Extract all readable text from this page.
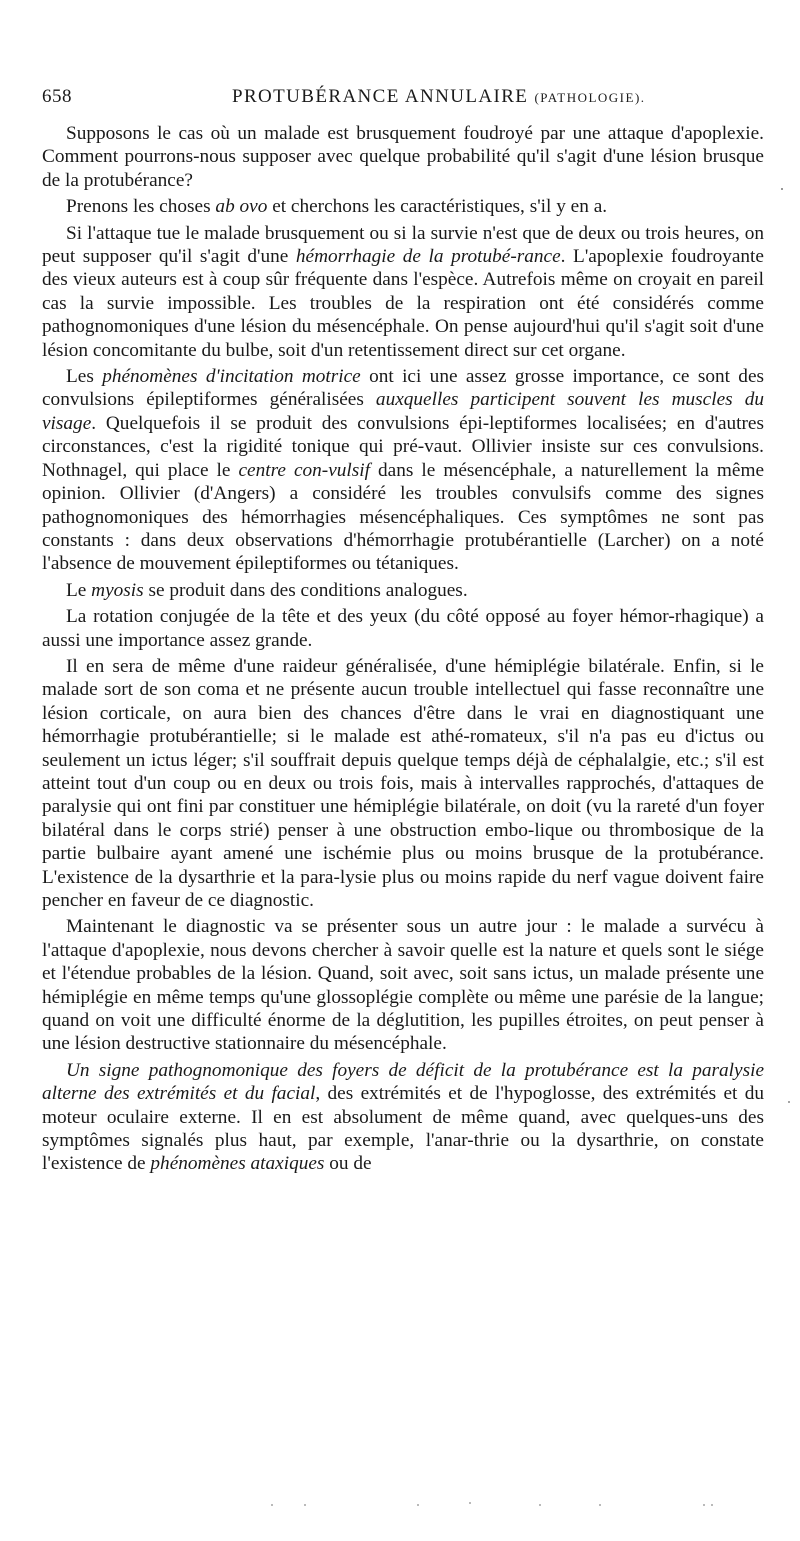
658	PROTUBÉRANCE ANNULAIRE (PATHOLOGIE).

Supposons le cas où un malade est brusquement foudroyé par une attaque d'apoplexie. Comment pourrons-nous supposer avec quelque probabilité qu'il s'agit d'une lésion brusque de la protubérance?

Prenons les choses ab ovo et cherchons les caractéristiques, s'il y en a.

Si l'attaque tue le malade brusquement ou si la survie n'est que de deux ou trois heures, on peut supposer qu'il s'agit d'une hémorrhagie de la protubé-rance. L'apoplexie foudroyante des vieux auteurs est à coup sûr fréquente dans l'espèce. Autrefois même on croyait en pareil cas la survie impossible. Les troubles de la respiration ont été considérés comme pathognomoniques d'une lésion du mésencéphale. On pense aujourd'hui qu'il s'agit soit d'une lésion concomitante du bulbe, soit d'un retentissement direct sur cet organe.

Les phénomènes d'incitation motrice ont ici une assez grosse importance, ce sont des convulsions épileptiformes généralisées auxquelles participent souvent les muscles du visage. Quelquefois il se produit des convulsions épi-leptiformes localisées; en d'autres circonstances, c'est la rigidité tonique qui pré-vaut. Ollivier insiste sur ces convulsions. Nothnagel, qui place le centre con-vulsif dans le mésencéphale, a naturellement la même opinion. Ollivier (d'Angers) a considéré les troubles convulsifs comme des signes pathognomoniques des hémorrhagies mésencéphaliques. Ces symptômes ne sont pas constants : dans deux observations d'hémorrhagie protubérantielle (Larcher) on a noté l'absence de mouvement épileptiformes ou tétaniques.

Le myosis se produit dans des conditions analogues.

La rotation conjugée de la tête et des yeux (du côté opposé au foyer hémor-rhagique) a aussi une importance assez grande.

Il en sera de même d'une raideur généralisée, d'une hémiplégie bilatérale. Enfin, si le malade sort de son coma et ne présente aucun trouble intellectuel qui fasse reconnaître une lésion corticale, on aura bien des chances d'être dans le vrai en diagnostiquant une hémorrhagie protubérantielle; si le malade est athé-romateux, s'il n'a pas eu d'ictus ou seulement un ictus léger; s'il souffrait depuis quelque temps déjà de céphalalgie, etc.; s'il est atteint tout d'un coup ou en deux ou trois fois, mais à intervalles rapprochés, d'attaques de paralysie qui ont fini par constituer une hémiplégie bilatérale, on doit (vu la rareté d'un foyer bilatéral dans le corps strié) penser à une obstruction embo-lique ou thrombosique de la partie bulbaire ayant amené une ischémie plus ou moins brusque de la protubérance. L'existence de la dysarthrie et la para-lysie plus ou moins rapide du nerf vague doivent faire pencher en faveur de ce diagnostic.

Maintenant le diagnostic va se présenter sous un autre jour : le malade a survécu à l'attaque d'apoplexie, nous devons chercher à savoir quelle est la nature et quels sont le siége et l'étendue probables de la lésion. Quand, soit avec, soit sans ictus, un malade présente une hémiplégie en même temps qu'une glossoplégie complète ou même une parésie de la langue; quand on voit une difficulté énorme de la déglutition, les pupilles étroites, on peut penser à une lésion destructive stationnaire du mésencéphale.

Un signe pathognomonique des foyers de déficit de la protubérance est la paralysie alterne des extrémités et du facial, des extrémités et de l'hypoglosse, des extrémités et du moteur oculaire externe. Il en est absolument de même quand, avec quelques-uns des symptômes signalés plus haut, par exemple, l'anar-thrie ou la dysarthrie, on constate l'existence de phénomènes ataxiques ou de
